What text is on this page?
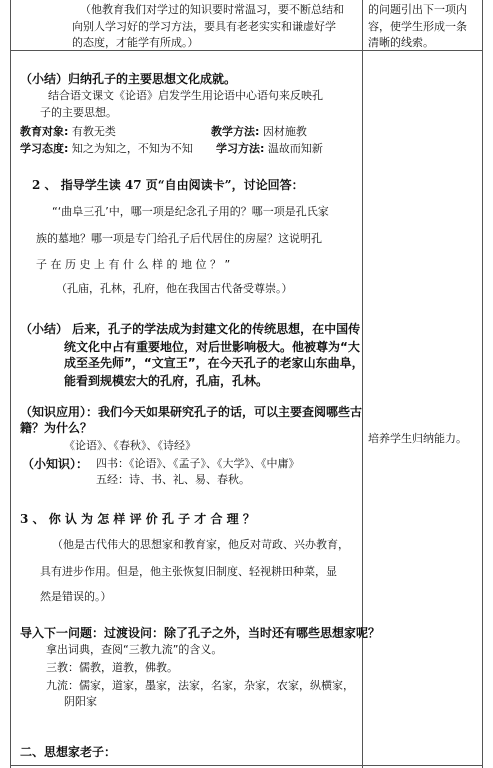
（他教育我们对学过的知识要时常温习，要不断总结和
向别人学习好的学习方法，要具有老老实实和谦虚好学
的态度，才能学有所成。）
（小结）归纳孔子的主要思想文化成就。
结合语文课文《论语》启发学生用论语中心语句来反映孔
子的主要思想。
教育对象: 有教无类	教学方法: 因材施教
学习态度: 知之为知之，不知为不知 学习方法: 温故而知新
2 、 指导学生读 47 页“自由阅读卡”，讨论回答：
“‘曲阜三孔’中，哪一项是纪念孔子用的？哪一项是孔氏家
族的墓地？哪一项是专门给孔子后代居住的房屋？这说明孔
子 在 历 史 上 有 什 么 样 的 地 位 ？ ”
（孔庙，孔林，孔府，他在我国古代备受尊崇。）
（小结） 后来，孔子的学法成为封建文化的传统思想，在中国传
统文化中占有重要地位，对后世影响极大。他被尊为“大
成至圣先师”，“文宣王”，在今天孔子的老家山东曲阜，
能看到规模宏大的孔府，孔庙，孔林。
（知识应用）：我们今天如果研究孔子的话，可以主要查阅哪些古
籍？为什么？
《论语》、《春秋》、《诗经》
（小知识）： 四书：《论语》、《孟子》、《大学》、《中庸》
五经：诗、书、礼、易、春秋。
3 、 你 认 为 怎 样 评 价 孔 子 才 合 理 ？
（他是古代伟大的思想家和教育家，他反对苛政、兴办教育，
具有进步作用。但是，他主张恢复旧制度、轻视耕田种菜，显
然是错误的。）
导入下一问题：过渡设问：除了孔子之外，当时还有哪些思想家呢？
拿出词典，查阅“三教九流”的含义。
三教：儒教，道教，佛教。
九流：儒家，道家，墨家，法家，名家，杂家，农家，纵横家，
阴阳家
二、思想家老子：
的问题引出下一项内
容，使学生形成一条
清晰的线索。
培养学生归纳能力。
